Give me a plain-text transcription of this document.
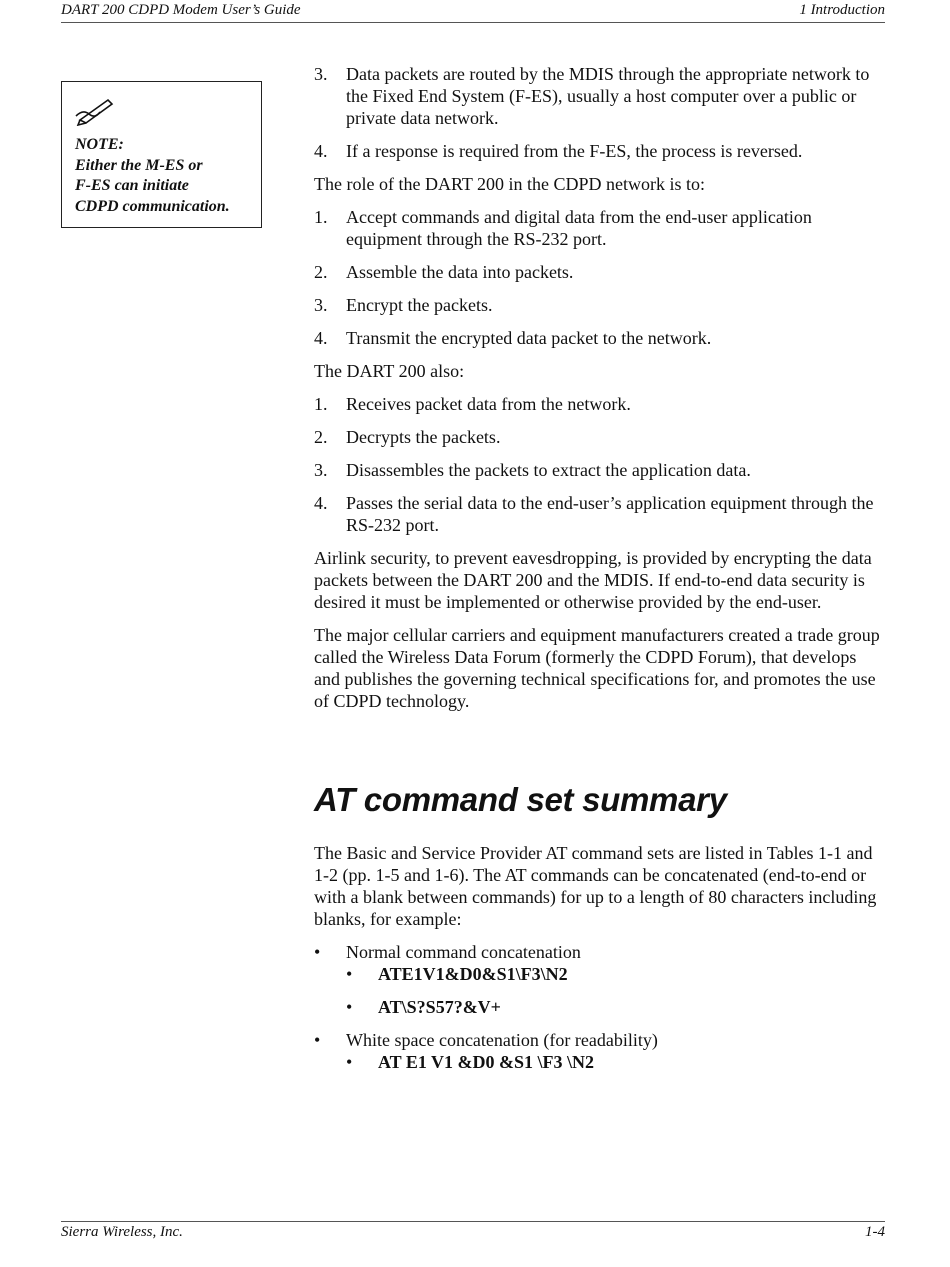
DART 200 CDPD Modem User’s Guide	1 Introduction
NOTE:
Either the M-ES or
F-ES can initiate
CDPD communication.
3. Data packets are routed by the MDIS through the appropriate network to the Fixed End System (F-ES), usually a host computer over a public or private data network.
4. If a response is required from the F-ES, the process is reversed.
The role of the DART 200 in the CDPD network is to:
1. Accept commands and digital data from the end-user application equipment through the RS-232 port.
2. Assemble the data into packets.
3. Encrypt the packets.
4. Transmit the encrypted data packet to the network.
The DART 200 also:
1. Receives packet data from the network.
2. Decrypts the packets.
3. Disassembles the packets to extract the application data.
4. Passes the serial data to the end-user’s application equipment through the RS-232 port.
Airlink security, to prevent eavesdropping, is provided by encrypting the data packets between the DART 200 and the MDIS. If end-to-end data security is desired it must be implemented or otherwise provided by the end-user.
The major cellular carriers and equipment manufacturers created a trade group called the Wireless Data Forum (formerly the CDPD Forum), that develops and publishes the governing technical specifications for, and promotes the use of CDPD technology.
AT command set summary
The Basic and Service Provider AT command sets are listed in Tables 1-1 and 1-2 (pp. 1-5 and 1-6). The AT commands can be concatenated (end-to-end or with a blank between commands) for up to a length of 80 characters including blanks, for example:
• Normal command concatenation
• ATE1V1&D0&S1\F3\N2
• AT\S?S57?&V+
• White space concatenation (for readability)
• AT E1 V1 &D0 &S1 \F3 \N2
Sierra Wireless, Inc.	1-4
